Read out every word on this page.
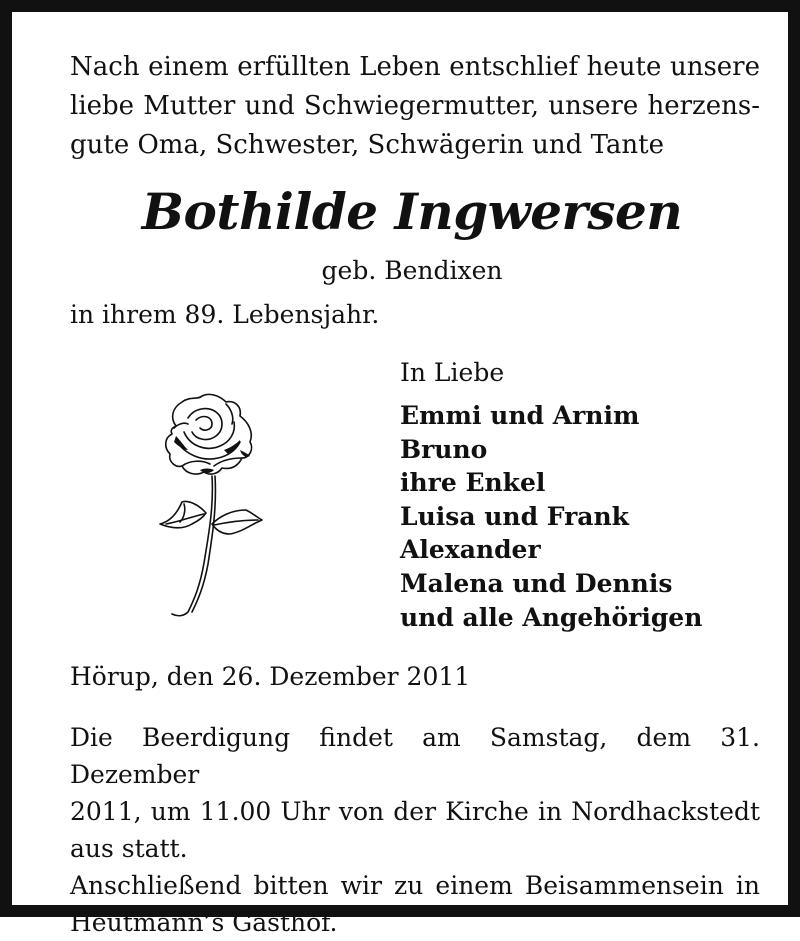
Nach einem erfüllten Leben entschlief heute unsere
liebe Mutter und Schwiegermutter, unsere herzens-
gute Oma, Schwester, Schwägerin und Tante

Bothilde Ingwersen
geb. Bendixen
in ihrem 89. Lebensjahr.
In Liebe
Emmi und Arnim
Bruno
ihre Enkel
Luisa und Frank
Alexander
Malena und Dennis
und alle Angehörigen
Hörup, den 26. Dezember 2011

Die Beerdigung findet am Samstag, dem 31. Dezember
2011, um 11.00 Uhr von der Kirche in Nordhackstedt
aus statt.
Anschließend bitten wir zu einem Beisammensein in
Heutmann’s Gasthof.
